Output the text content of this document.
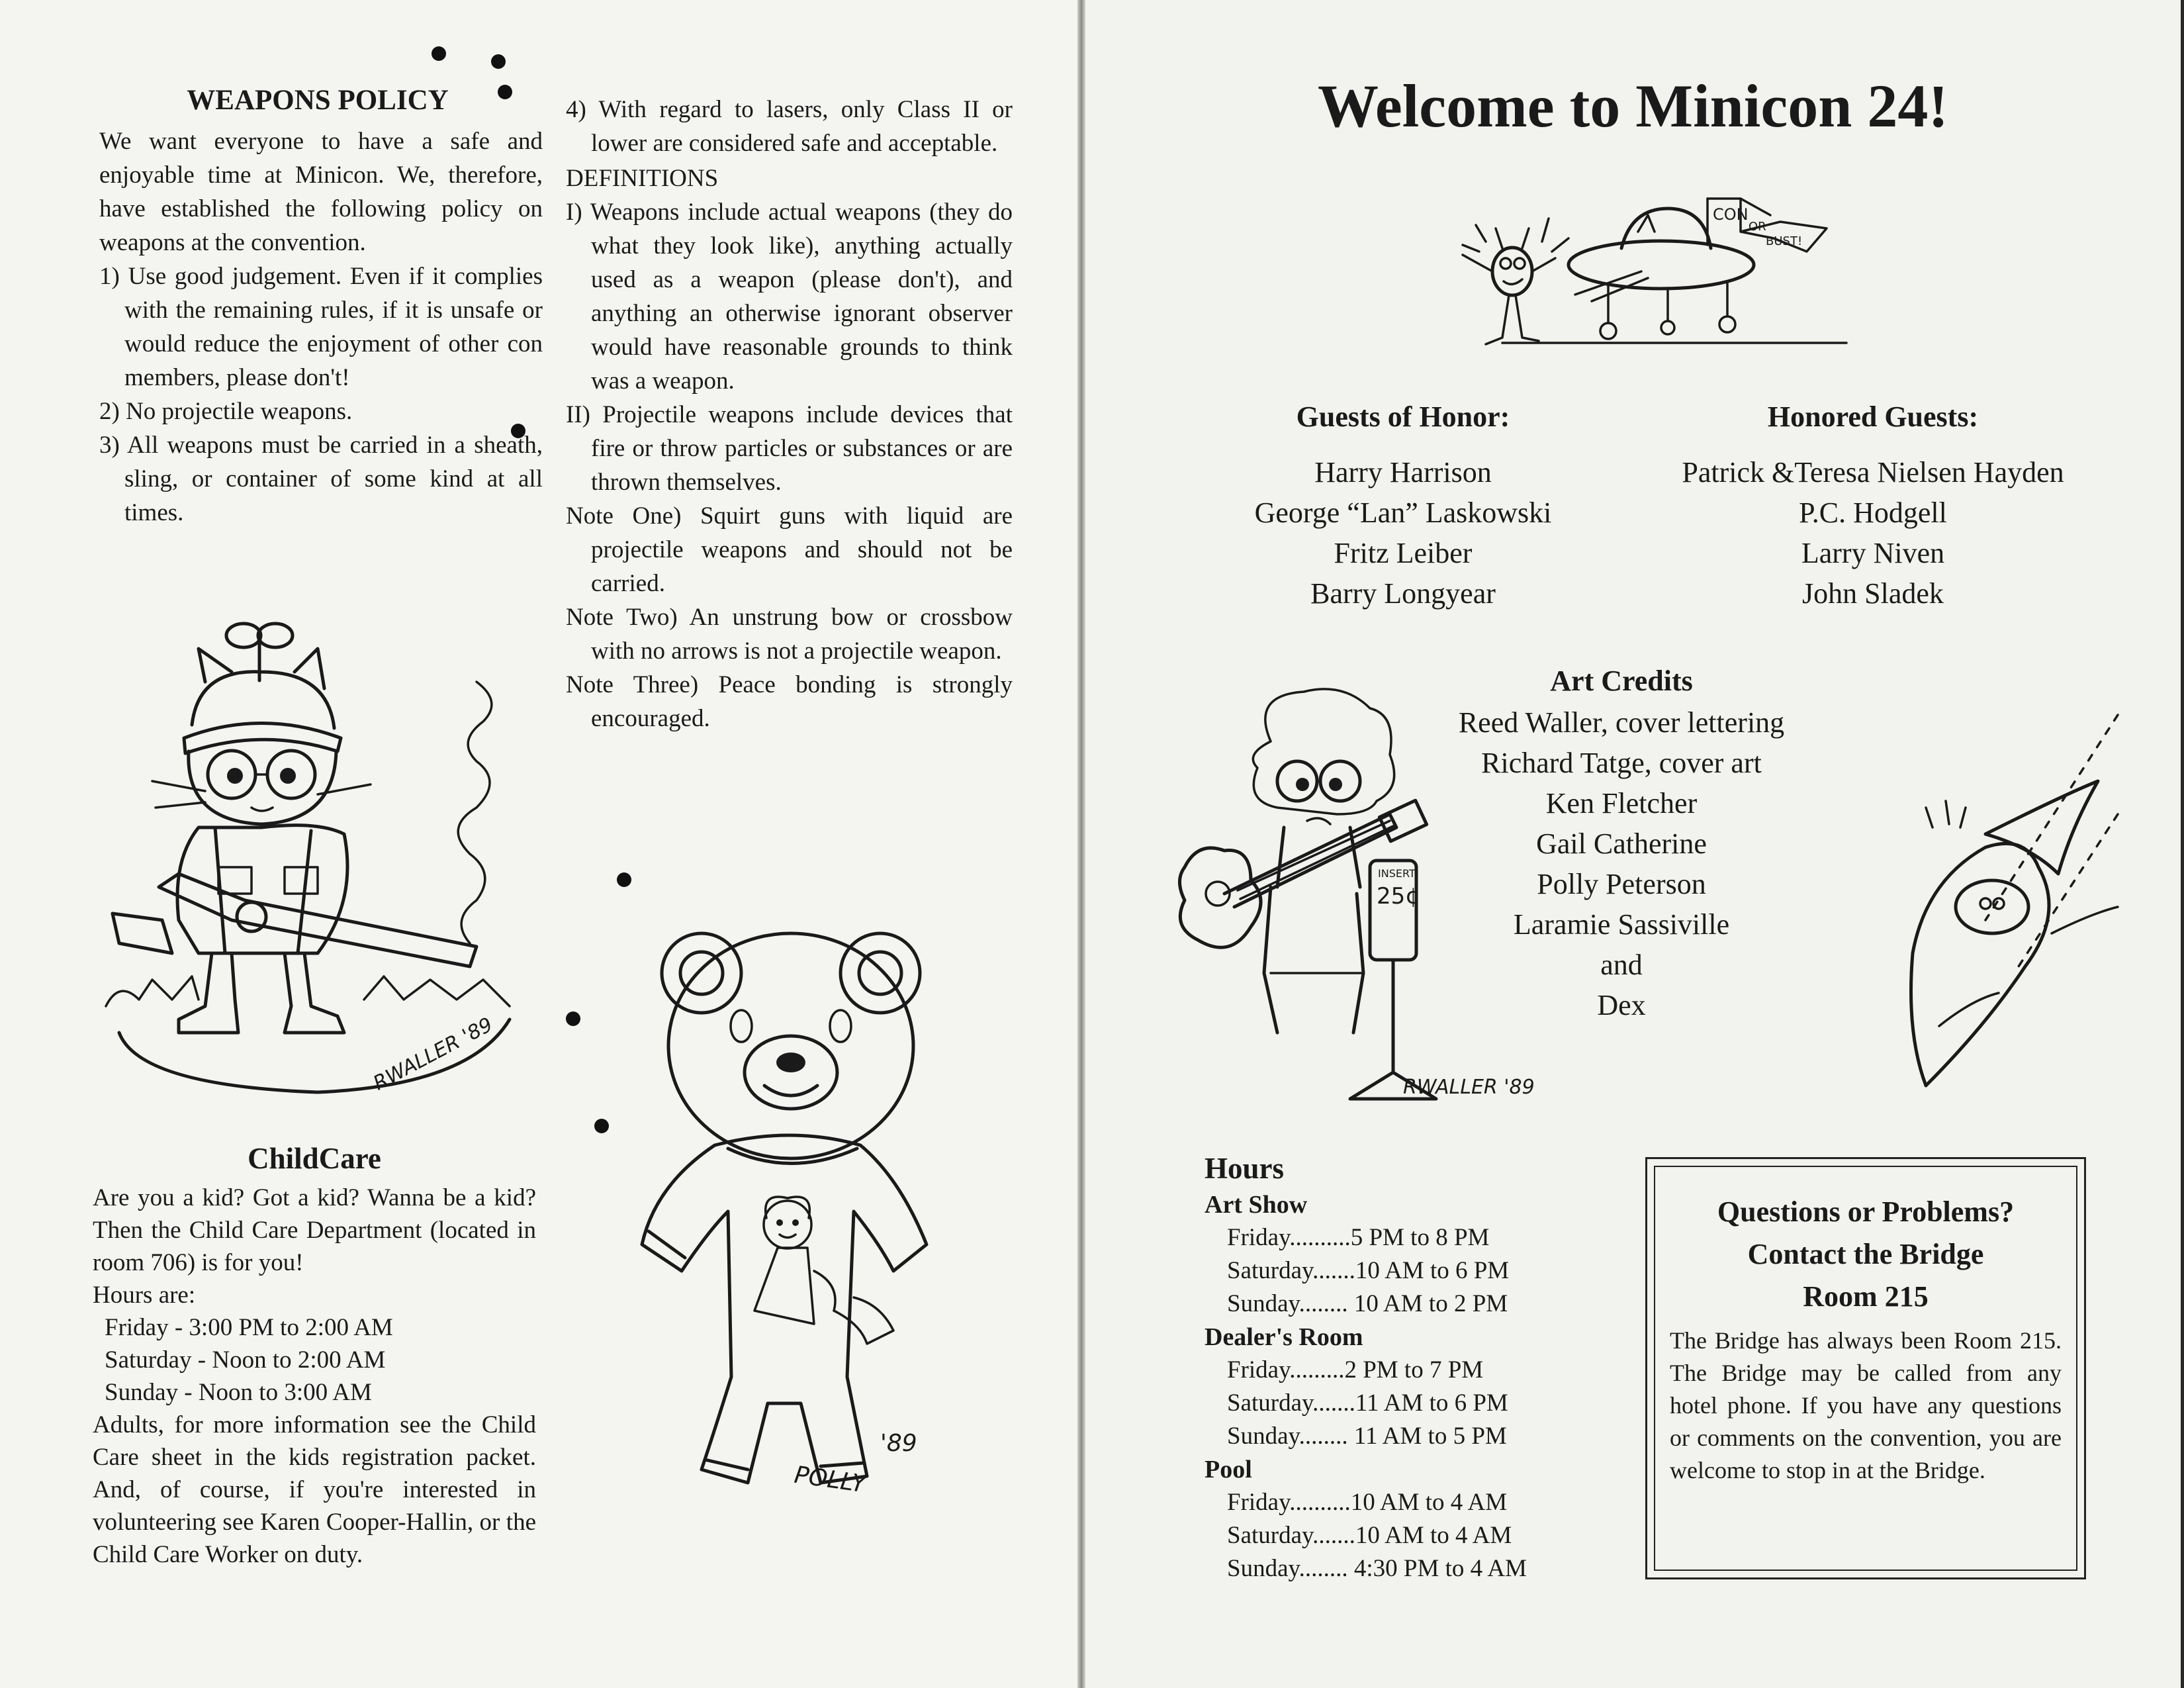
WEAPONS POLICY

We want everyone to have a safe and enjoyable time at Minicon. We, therefore, have established the following policy on weapons at the convention.

1) Use good judgement. Even if it complies with the remaining rules, if it is unsafe or would reduce the enjoyment of other con members, please don't!

2) No projectile weapons.

3) All weapons must be carried in a sheath, sling, or container of some kind at all times.

4) With regard to lasers, only Class II or lower are considered safe and acceptable.

DEFINITIONS

I) Weapons include actual weapons (they do what they look like), anything actually used as a weapon (please don't), and anything an otherwise ignorant observer would have reasonable grounds to think was a weapon.

II) Projectile weapons include devices that fire or throw particles or substances or are thrown themselves.

Note One) Squirt guns with liquid are projectile weapons and should not be carried.

Note Two) An unstrung bow or crossbow with no arrows is not a projectile weapon.

Note Three) Peace bonding is strongly encouraged.

RWALLER '89
POLLY
'89
ChildCare

Are you a kid? Got a kid? Wanna be a kid? Then the Child Care Department (located in room 706) is for you!

Hours are:

Friday - 3:00 PM to 2:00 AM

Saturday - Noon to 2:00 AM

Sunday - Noon to 3:00 AM

Adults, for more information see the Child Care sheet in the kids registration packet. And, of course, if you're interested in volunteering see Karen Cooper-Hallin, or the Child Care Worker on duty.

Welcome to Minicon 24!
CON
OR
BUST!
Guests of Honor:
Harry Harrison
George “Lan” Laskowski
Fritz Leiber
Barry Longyear
Honored Guests:
Patrick &Teresa Nielsen Hayden
P.C. Hodgell
Larry Niven
John Sladek
Art Credits
Reed Waller, cover lettering
Richard Tatge, cover art
Ken Fletcher
Gail Catherine
Polly Peterson
Laramie Sassiville
and
Dex
INSERT
25¢
RWALLER '89
Hours
Art Show
Friday..........5 PM to 8 PM
Saturday.......10 AM to 6 PM
Sunday........ 10 AM to 2 PM
Dealer's Room
Friday.........2 PM to 7 PM
Saturday.......11 AM to 6 PM
Sunday........ 11 AM to 5 PM
Pool
Friday..........10 AM to 4 AM
Saturday.......10 AM to 4 AM
Sunday........ 4:30 PM to 4 AM
Questions or Problems?
Contact the Bridge
Room 215

The Bridge has always been Room 215. The Bridge may be called from any hotel phone. If you have any questions or comments on the convention, you are welcome to stop in at the Bridge.
